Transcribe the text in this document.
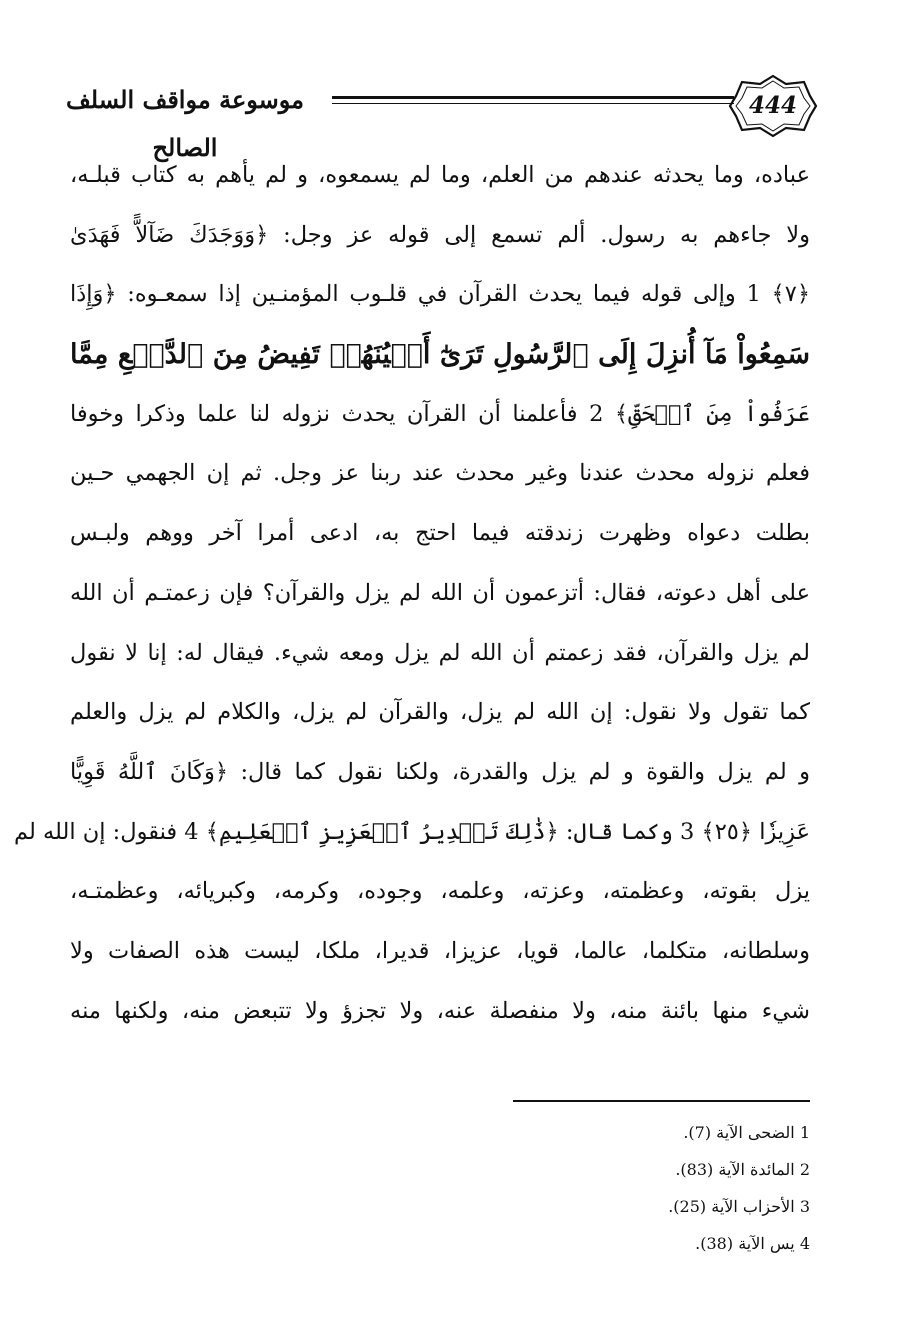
444
موسوعة مواقف السلف الصالح
عباده، وما يحدثه عندهم من العلم، وما لم يسمعوه، و لم يأهم به كتاب قبلـه،
ولا جاءهم به رسول. ألم تسمع إلى قوله عز وجل: ﴿وَوَجَدَكَ ضَآلاًّ فَهَدَىٰ
﴿٧﴾ 1 وإلى قوله فيما يحدث القرآن في قلـوب المؤمنـين إذا سمعـوه: ﴿وَإِذَا
سَمِعُواْ مَآ أُنزِلَ إِلَى ٱلرَّسُولِ تَرَىٰٓ أَعۡيُنَهُمۡ تَفِيضُ مِنَ ٱلدَّمۡعِ مِمَّا
عَرَفُواْ مِنَ ٱلۡحَقِّ﴾ 2 فأعلمنا أن القرآن يحدث نزوله لنا علما وذكرا وخوفا
فعلم نزوله محدث عندنا وغير محدث عند ربنا عز وجل. ثم إن الجهمي حـين
بطلت دعواه وظهرت زندقته فيما احتج به، ادعى أمرا آخر ووهم ولبـس
على أهل دعوته، فقال: أتزعمون أن الله لم يزل والقرآن؟ فإن زعمتـم أن الله
لم يزل والقرآن، فقد زعمتم أن الله لم يزل ومعه شيء. فيقال له: إنا لا نقول
كما تقول ولا نقول: إن الله لم يزل، والقرآن لم يزل، والكلام لم يزل والعلم
و لم يزل والقوة و لم يزل والقدرة، ولكنا نقول كما قال: ﴿وَكَانَ ٱللَّهُ قَوِيًّا
عَزِيزٗا ﴿٢٥﴾ 3 وكما قال: ﴿ذَٰلِكَ تَقۡدِيرُ ٱلۡعَزِيزِ ٱلۡعَلِيمِ﴾ 4 فنقول: إن الله لم
يزل بقوته، وعظمته، وعزته، وعلمه، وجوده، وكرمه، وكبريائه، وعظمتـه،
وسلطانه، متكلما، عالما، قويا، عزيزا، قديرا، ملكا، ليست هذه الصفات ولا
شيء منها بائنة منه، ولا منفصلة عنه، ولا تجزؤ ولا تتبعض منه، ولكنها منه
1 الضحى الآية (7).
2 المائدة الآية (83).
3 الأحزاب الآية (25).
4 يس الآية (38).
